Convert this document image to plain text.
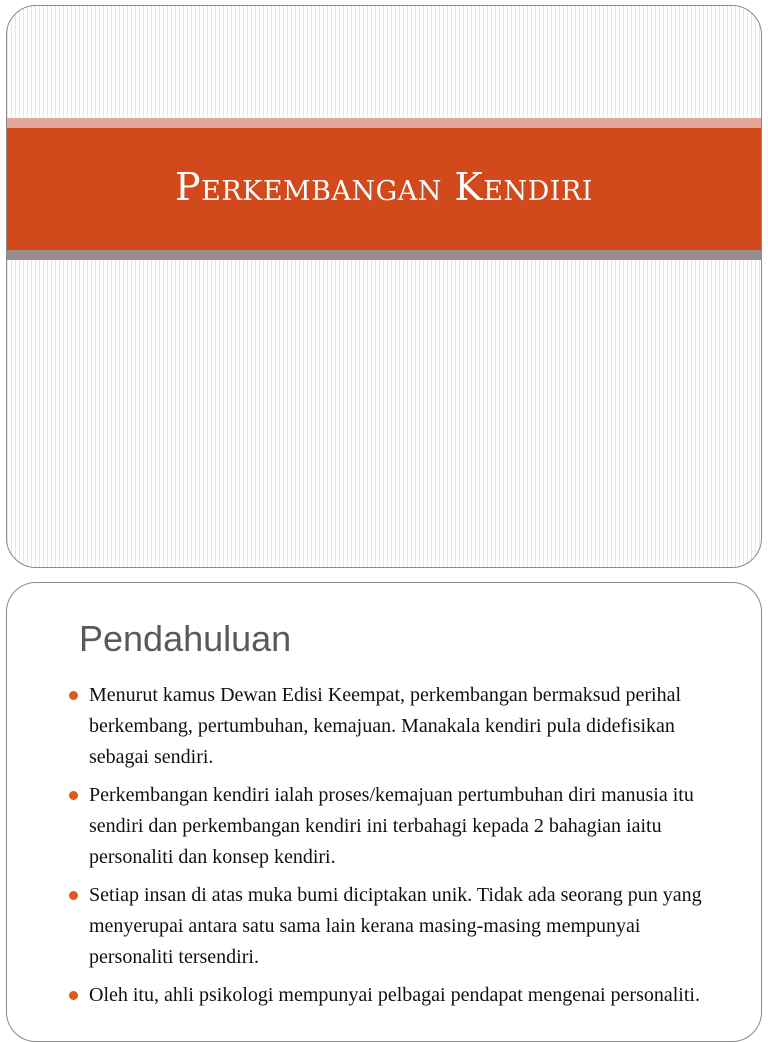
Perkembangan Kendiri
Pendahuluan
Menurut kamus Dewan Edisi Keempat, perkembangan bermaksud perihal berkembang, pertumbuhan, kemajuan. Manakala kendiri pula didefisikan sebagai sendiri.
Perkembangan kendiri ialah proses/kemajuan pertumbuhan diri manusia itu sendiri dan perkembangan kendiri ini terbahagi kepada 2 bahagian iaitu personaliti dan konsep kendiri.
Setiap insan di atas muka bumi diciptakan unik. Tidak ada seorang pun yang menyerupai antara satu sama lain kerana masing-masing mempunyai personaliti tersendiri.
Oleh itu, ahli psikologi mempunyai pelbagai pendapat mengenai personaliti.
